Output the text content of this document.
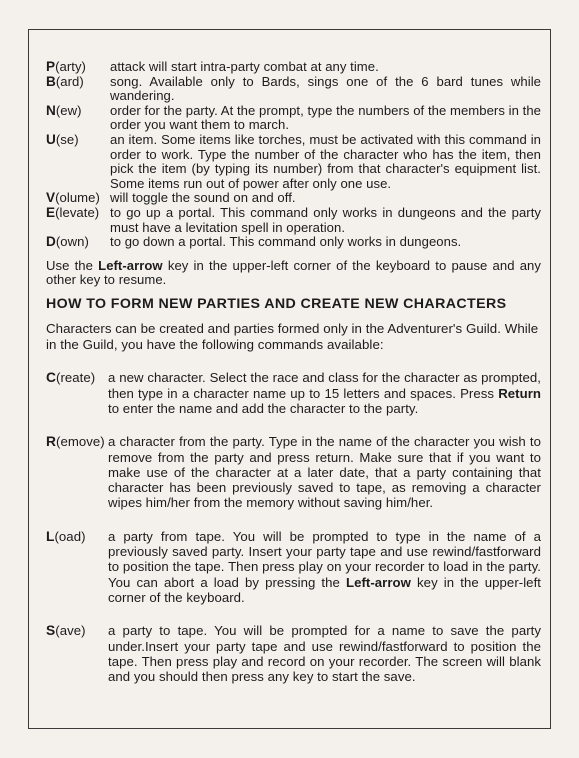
P(arty) attack will start intra-party combat at any time.
B(ard) song. Available only to Bards, sings one of the 6 bard tunes while wandering.
N(ew) order for the party. At the prompt, type the numbers of the members in the order you want them to march.
U(se) an item. Some items like torches, must be activated with this command in order to work. Type the number of the character who has the item, then pick the item (by typing its number) from that character's equipment list. Some items run out of power after only one use.
V(olume) will toggle the sound on and off.
E(levate) to go up a portal. This command only works in dungeons and the party must have a levitation spell in operation.
D(own) to go down a portal. This command only works in dungeons.
Use the Left-arrow key in the upper-left corner of the keyboard to pause and any other key to resume.
HOW TO FORM NEW PARTIES AND CREATE NEW CHARACTERS
Characters can be created and parties formed only in the Adventurer's Guild. While in the Guild, you have the following commands available:
C(reate) a new character. Select the race and class for the character as prompted, then type in a character name up to 15 letters and spaces. Press Return to enter the name and add the character to the party.
R(emove) a character from the party. Type in the name of the character you wish to remove from the party and press return. Make sure that if you want to make use of the character at a later date, that a party containing that character has been previously saved to tape, as removing a character wipes him/her from the memory without saving him/her.
L(oad) a party from tape. You will be prompted to type in the name of a previously saved party. Insert your party tape and use rewind/fastforward to position the tape. Then press play on your recorder to load in the party. You can abort a load by pressing the Left-arrow key in the upper-left corner of the keyboard.
S(ave) a party to tape. You will be prompted for a name to save the party under.Insert your party tape and use rewind/fastforward to position the tape. Then press play and record on your recorder. The screen will blank and you should then press any key to start the save.
